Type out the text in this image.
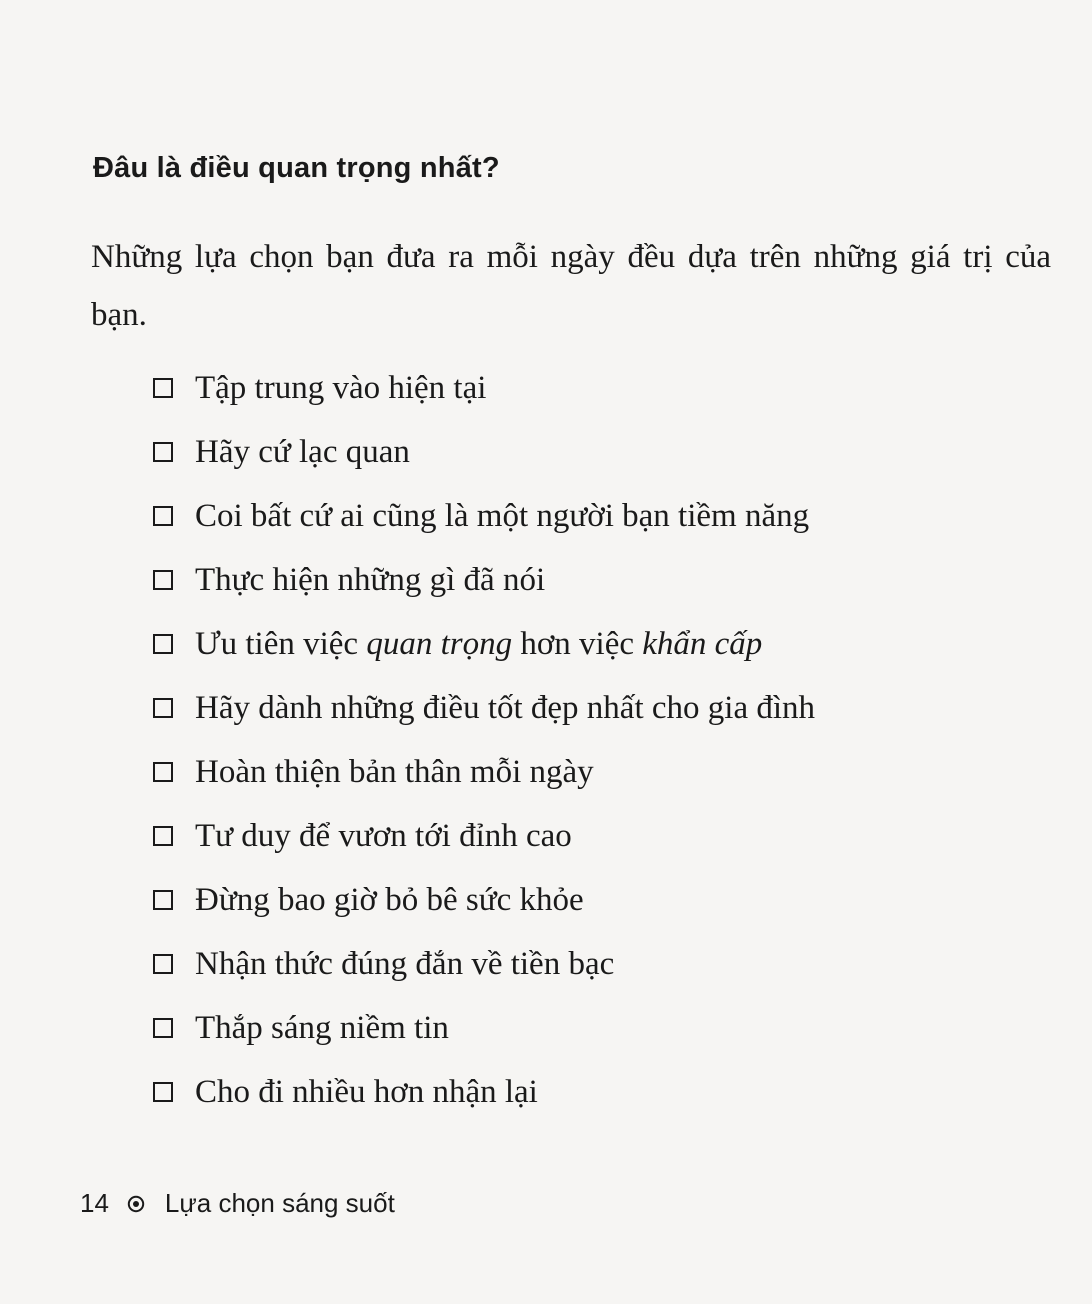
Đâu là điều quan trọng nhất?
Những lựa chọn bạn đưa ra mỗi ngày đều dựa trên những giá trị của bạn.
Tập trung vào hiện tại
Hãy cứ lạc quan
Coi bất cứ ai cũng là một người bạn tiềm năng
Thực hiện những gì đã nói
Ưu tiên việc quan trọng hơn việc khẩn cấp
Hãy dành những điều tốt đẹp nhất cho gia đình
Hoàn thiện bản thân mỗi ngày
Tư duy để vươn tới đỉnh cao
Đừng bao giờ bỏ bê sức khỏe
Nhận thức đúng đắn về tiền bạc
Thắp sáng niềm tin
Cho đi nhiều hơn nhận lại
14 Lựa chọn sáng suốt
